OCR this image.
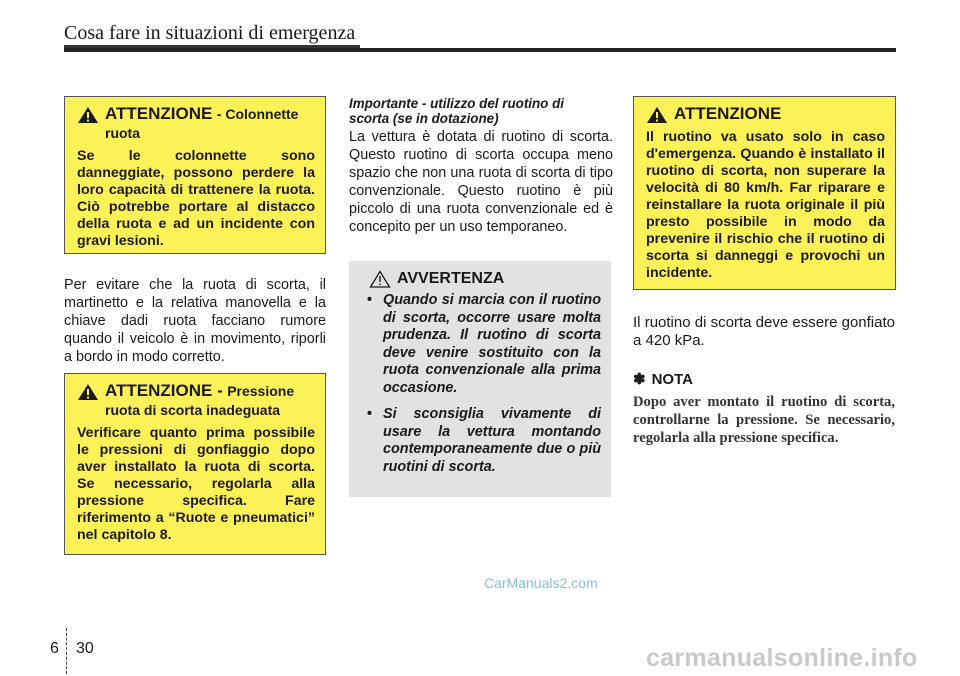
Cosa fare in situazioni di emergenza
ATTENZIONE - Colonnette ruota
Se le colonnette sono danneggiate, possono perdere la loro capacità di trattenere la ruota. Ciò potrebbe portare al distacco della ruota e ad un incidente con gravi lesioni.
Per evitare che la ruota di scorta, il martinetto e la relativa manovella e la chiave dadi ruota facciano rumore quando il veicolo è in movimento, riporli a bordo in modo corretto.
ATTENZIONE - Pressione ruota di scorta inadeguata
Verificare quanto prima possibile le pressioni di gonfiaggio dopo aver installato la ruota di scorta. Se necessario, regolarla alla pressione specifica. Fare riferimento a “Ruote e pneumatici” nel capitolo 8.
Importante - utilizzo del ruotino di scorta (se in dotazione)
La vettura è dotata di ruotino di scorta. Questo ruotino di scorta occupa meno spazio che non una ruota di scorta di tipo convenzionale. Questo ruotino è più piccolo di una ruota convenzionale ed è concepito per un uso temporaneo.
AVVERTENZA
• Quando si marcia con il ruotino di scorta, occorre usare molta prudenza. Il ruotino di scorta deve venire sostituito con la ruota convenzionale alla prima occasione.
• Si sconsiglia vivamente di usare la vettura montando contemporaneamente due o più ruotini di scorta.
ATTENZIONE
Il ruotino va usato solo in caso d'emergenza. Quando è installato il ruotino di scorta, non superare la velocità di 80 km/h. Far riparare e reinstallare la ruota originale il più presto possibile in modo da prevenire il rischio che il ruotino di scorta si danneggi e provochi un incidente.
Il ruotino di scorta deve essere gonfiato a 420 kPa.
✽ NOTA
Dopo aver montato il ruotino di scorta, controllarne la pressione. Se necessario, regolarla alla pressione specifica.
CarManuals2.com
6 30	carmanualsonline.info
